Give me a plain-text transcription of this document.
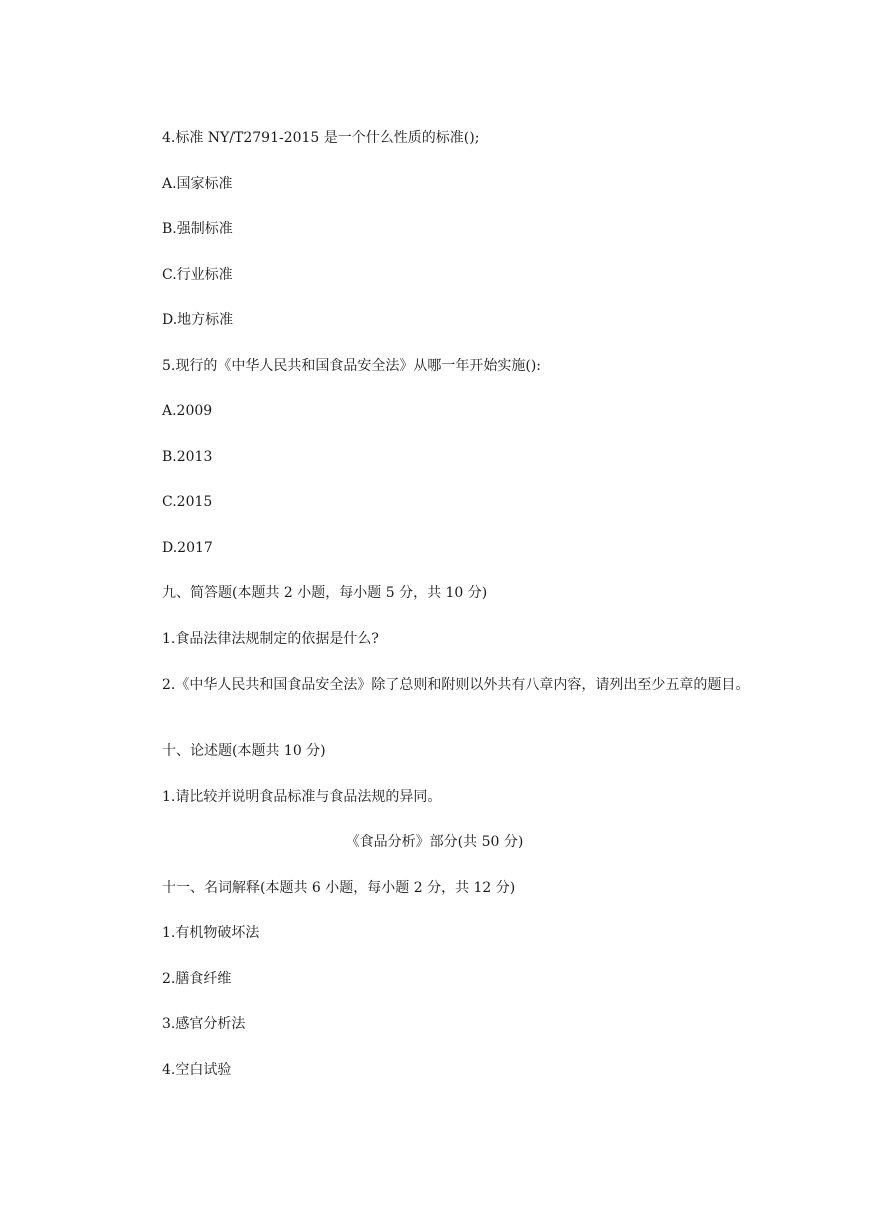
4.标准 NY/T2791-2015 是一个什么性质的标准();
A.国家标准
B.强制标准
C.行业标准
D.地方标准
5.现行的《中华人民共和国食品安全法》从哪一年开始实施():
A.2009
B.2013
C.2015
D.2017
九、简答题(本题共 2 小题，每小题 5 分，共 10 分)
1.食品法律法规制定的依据是什么?
2.《中华人民共和国食品安全法》除了总则和附则以外共有八章内容，请列出至少五章的题目。
十、论述题(本题共 10 分)
1.请比较并说明食品标准与食品法规的异同。
《食品分析》部分(共 50 分)
十一、名词解释(本题共 6 小题，每小题 2 分，共 12 分)
1.有机物破坏法
2.膳食纤维
3.感官分析法
4.空白试验
